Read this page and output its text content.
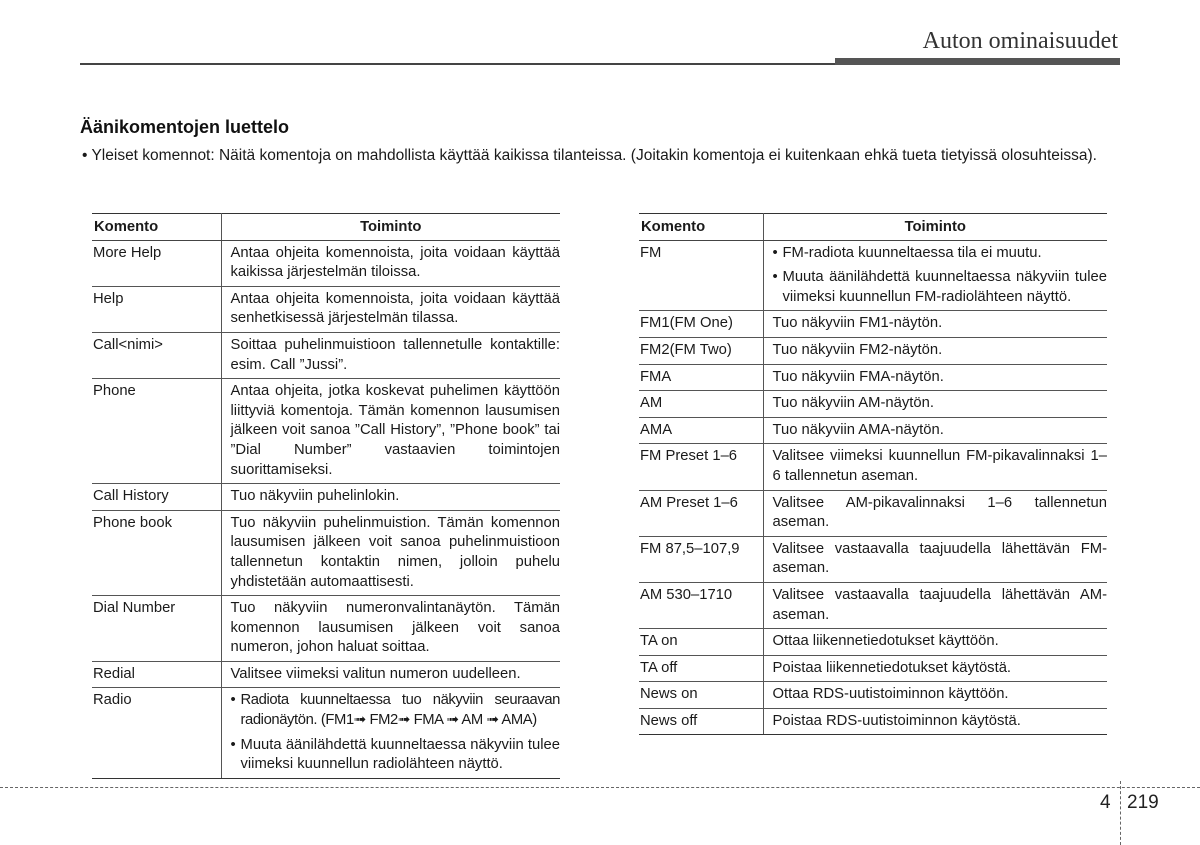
Auton ominaisuudet
Äänikomentojen luettelo
• Yleiset komennot: Näitä komentoja on mahdollista käyttää kaikissa tilanteissa. (Joitakin komentoja ei kuitenkaan ehkä tueta tietyissä olosuhteissa).
Komento	Toiminto
More Help	Antaa ohjeita komennoista, joita voidaan käyttää kaikissa järjestelmän tiloissa.
Help	Antaa ohjeita komennoista, joita voidaan käyttää senhetkisessä järjestelmän tilassa.
Call<nimi>	Soittaa puhelinmuistioon tallennetulle kontaktille: esim. Call ”Jussi”.
Phone	Antaa ohjeita, jotka koskevat puhelimen käyttöön liittyviä komentoja. Tämän komennon lausumisen jälkeen voit sanoa ”Call History”, ”Phone book” tai ”Dial Number” vastaavien toimintojen suorittamiseksi.
Call History	Tuo näkyviin puhelinlokin.
Phone book	Tuo näkyviin puhelinmuistion. Tämän komennon lausumisen jälkeen voit sanoa puhelinmuistioon tallennetun kontaktin nimen, jolloin puhelu yhdistetään automaattisesti.
Dial Number	Tuo näkyviin numeronvalintanäytön. Tämän komennon lausumisen jälkeen voit sanoa numeron, johon haluat soittaa.
Redial	Valitsee viimeksi valitun numeron uudelleen.
Radio	• Radiota kuunneltaessa tuo näkyviin seuraavan radionäytön. (FM1➟ FM2➟ FMA ➟ AM ➟ AMA)
• Muuta äänilähdettä kuunneltaessa näkyviin tulee viimeksi kuunnellun radiolähteen näyttö.
Komento	Toiminto
FM	• FM-radiota kuunneltaessa tila ei muutu.
• Muuta äänilähdettä kuunneltaessa näkyviin tulee viimeksi kuunnellun FM-radiolähteen näyttö.

FM1(FM One)	Tuo näkyviin FM1-näytön.
FM2(FM Two)	Tuo näkyviin FM2-näytön.
FMA	Tuo näkyviin FMA-näytön.
AM	Tuo näkyviin AM-näytön.
AMA	Tuo näkyviin AMA-näytön.
FM Preset 1–6	Valitsee viimeksi kuunnellun FM-pikavalinnaksi 1–6 tallennetun aseman.
AM Preset 1–6	Valitsee AM-pikavalinnaksi 1–6 tallennetun aseman.
FM 87,5–107,9	Valitsee vastaavalla taajuudella lähettävän FM-aseman.
AM 530–1710	Valitsee vastaavalla taajuudella lähettävän AM-aseman.
TA on	Ottaa liikennetiedotukset käyttöön.
TA off	Poistaa liikennetiedotukset käytöstä.
News on	Ottaa RDS-uutistoiminnon käyttöön.
News off	Poistaa RDS-uutistoiminnon käytöstä.
4 219
